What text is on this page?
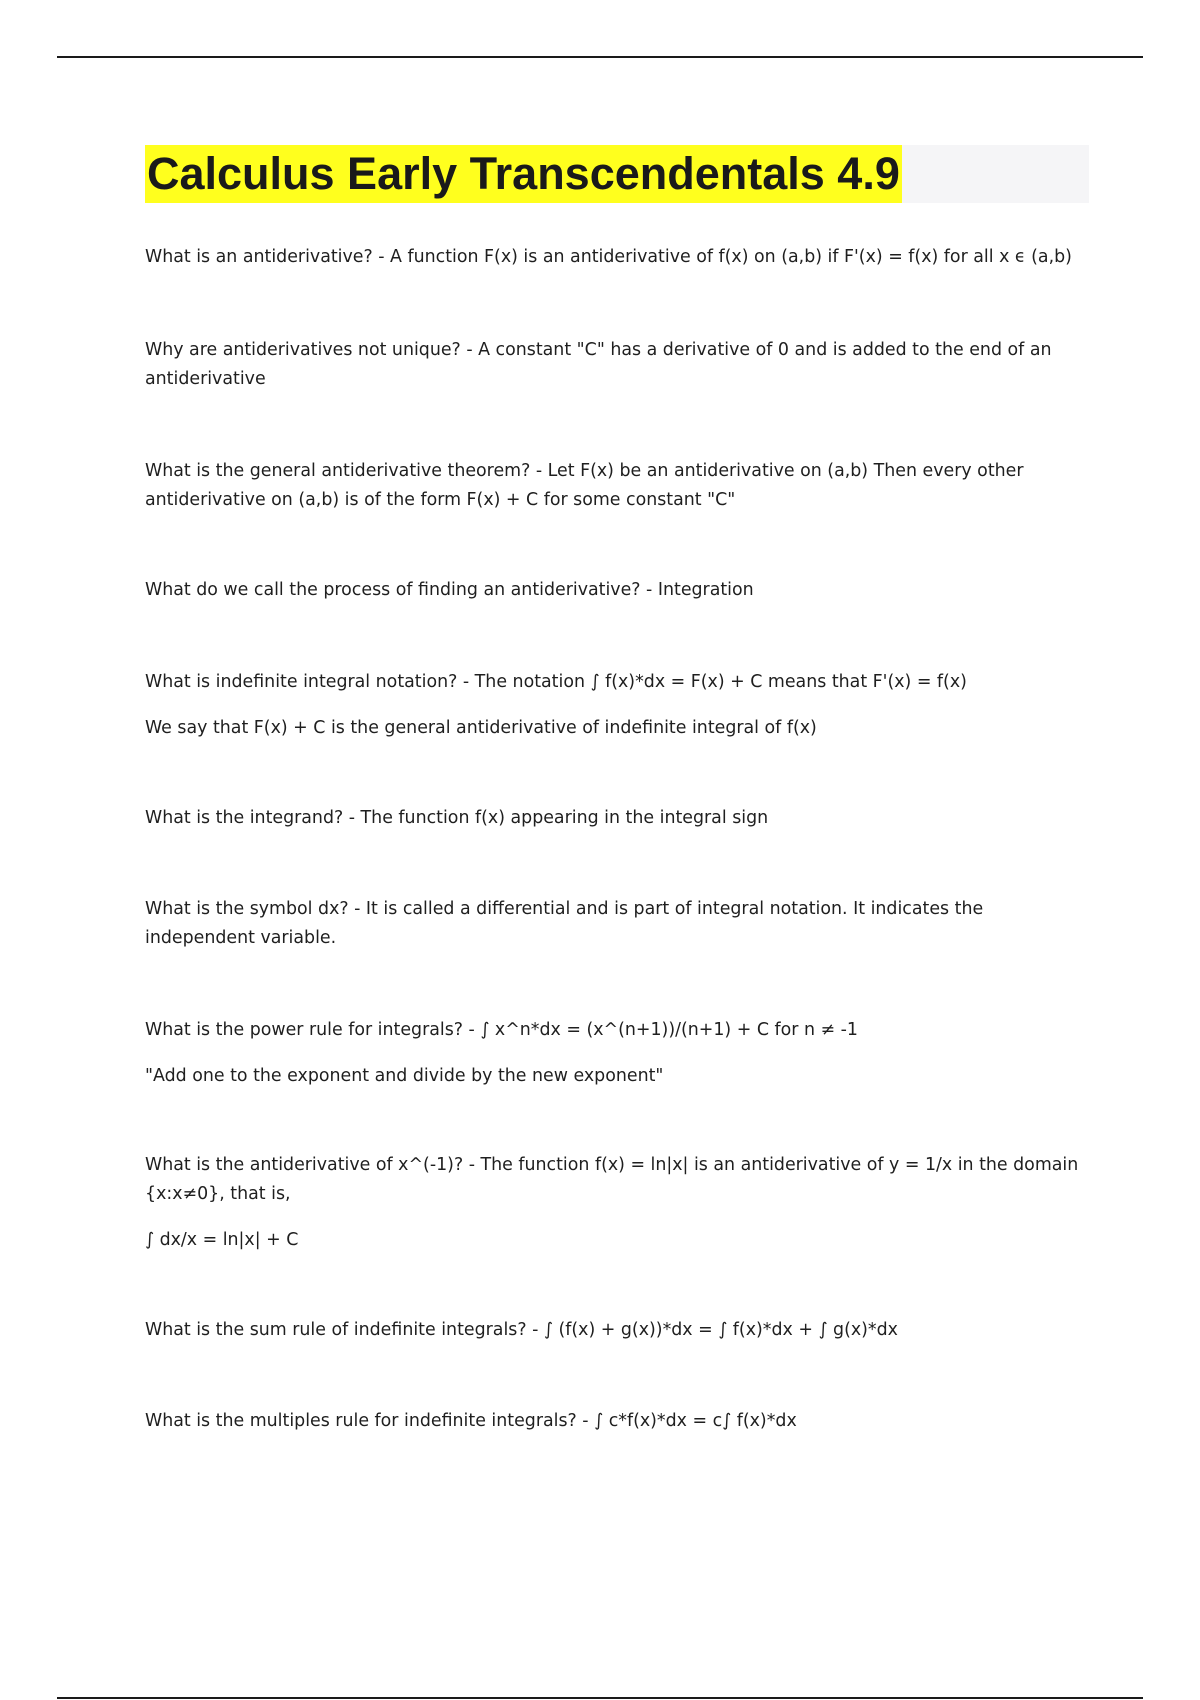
Calculus Early Transcendentals 4.9

What is an antiderivative? - A function F(x) is an antiderivative of f(x) on (a,b) if F'(x) = f(x) for all x ϵ (a,b)

Why are antiderivatives not unique? - A constant "C" has a derivative of 0 and is added to the end of an antiderivative

What is the general antiderivative theorem? - Let F(x) be an antiderivative on (a,b) Then every other antiderivative on (a,b) is of the form F(x) + C for some constant "C"

What do we call the process of finding an antiderivative? - Integration

What is indefinite integral notation? - The notation ∫ f(x)*dx = F(x) + C means that F'(x) = f(x)

We say that F(x) + C is the general antiderivative of indefinite integral of f(x)

What is the integrand? - The function f(x) appearing in the integral sign

What is the symbol dx? - It is called a differential and is part of integral notation. It indicates the independent variable.

What is the power rule for integrals? - ∫ x^n*dx = (x^(n+1))/(n+1) + C for n ≠ -1

"Add one to the exponent and divide by the new exponent"

What is the antiderivative of x^(-1)? - The function f(x) = ln|x| is an antiderivative of y = 1/x in the domain {x:x≠0}, that is,

∫ dx/x = ln|x| + C

What is the sum rule of indefinite integrals? - ∫ (f(x) + g(x))*dx = ∫ f(x)*dx + ∫ g(x)*dx

What is the multiples rule for indefinite integrals? - ∫ c*f(x)*dx = c∫ f(x)*dx
